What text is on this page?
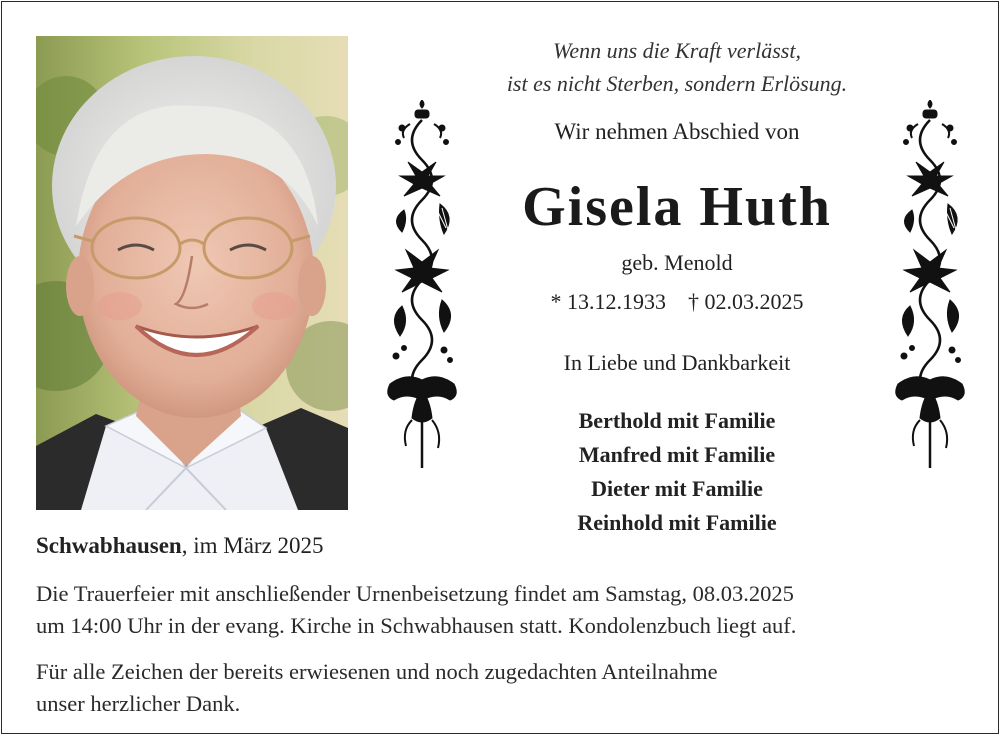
Wenn uns die Kraft verlässt,
ist es nicht Sterben, sondern Erlösung.
Wir nehmen Abschied von
Gisela Huth
geb. Menold
* 13.12.1933 † 02.03.2025
In Liebe und Dankbarkeit
Berthold mit Familie
Manfred mit Familie
Dieter mit Familie
Reinhold mit Familie
Schwabhausen, im März 2025
Die Trauerfeier mit anschließender Urnenbeisetzung findet am Samstag, 08.03.2025
um 14:00 Uhr in der evang. Kirche in Schwabhausen statt. Kondolenzbuch liegt auf.
Für alle Zeichen der bereits erwiesenen und noch zugedachten Anteilnahme
unser herzlicher Dank.
